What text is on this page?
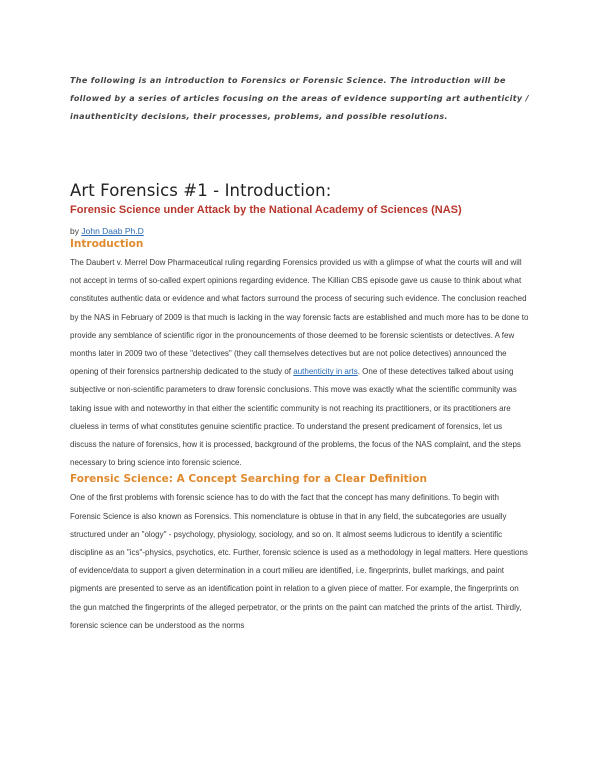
The following is an introduction to Forensics or Forensic Science. The introduction will be followed by a series of articles focusing on the areas of evidence supporting art authenticity / inauthenticity decisions, their processes, problems, and possible resolutions.

Art Forensics #1 - Introduction:
Forensic Science under Attack by the National Academy of Sciences (NAS)
by John Daab Ph.D
Introduction

The Daubert v. Merrel Dow Pharmaceutical ruling regarding Forensics provided us with a glimpse of what the courts will and will not accept in terms of so-called expert opinions regarding evidence. The Killian CBS episode gave us cause to think about what constitutes authentic data or evidence and what factors surround the process of securing such evidence. The conclusion reached by the NAS in February of 2009 is that much is lacking in the way forensic facts are established and much more has to be done to provide any semblance of scientific rigor in the pronouncements of those deemed to be forensic scientists or detectives. A few months later in 2009 two of these "detectives" (they call themselves detectives but are not police detectives) announced the opening of their forensics partnership dedicated to the study of authenticity in arts. One of these detectives talked about using subjective or non-scientific parameters to draw forensic conclusions. This move was exactly what the scientific community was taking issue with and noteworthy in that either the scientific community is not reaching its practitioners, or its practitioners are clueless in terms of what constitutes genuine scientific practice. To understand the present predicament of forensics, let us discuss the nature of forensics, how it is processed, background of the problems, the focus of the NAS complaint, and the steps necessary to bring science into forensic science.

Forensic Science: A Concept Searching for a Clear Definition

One of the first problems with forensic science has to do with the fact that the concept has many definitions. To begin with Forensic Science is also known as Forensics. This nomenclature is obtuse in that in any field, the subcategories are usually structured under an "ology" - psychology, physiology, sociology, and so on. It almost seems ludicrous to identify a scientific discipline as an "ics"-physics, psychotics, etc. Further, forensic science is used as a methodology in legal matters. Here questions of evidence/data to support a given determination in a court milieu are identified, i.e. fingerprints, bullet markings, and paint pigments are presented to serve as an identification point in relation to a given piece of matter. For example, the fingerprints on the gun matched the fingerprints of the alleged perpetrator, or the prints on the paint can matched the prints of the artist. Thirdly, forensic science can be understood as the norms
